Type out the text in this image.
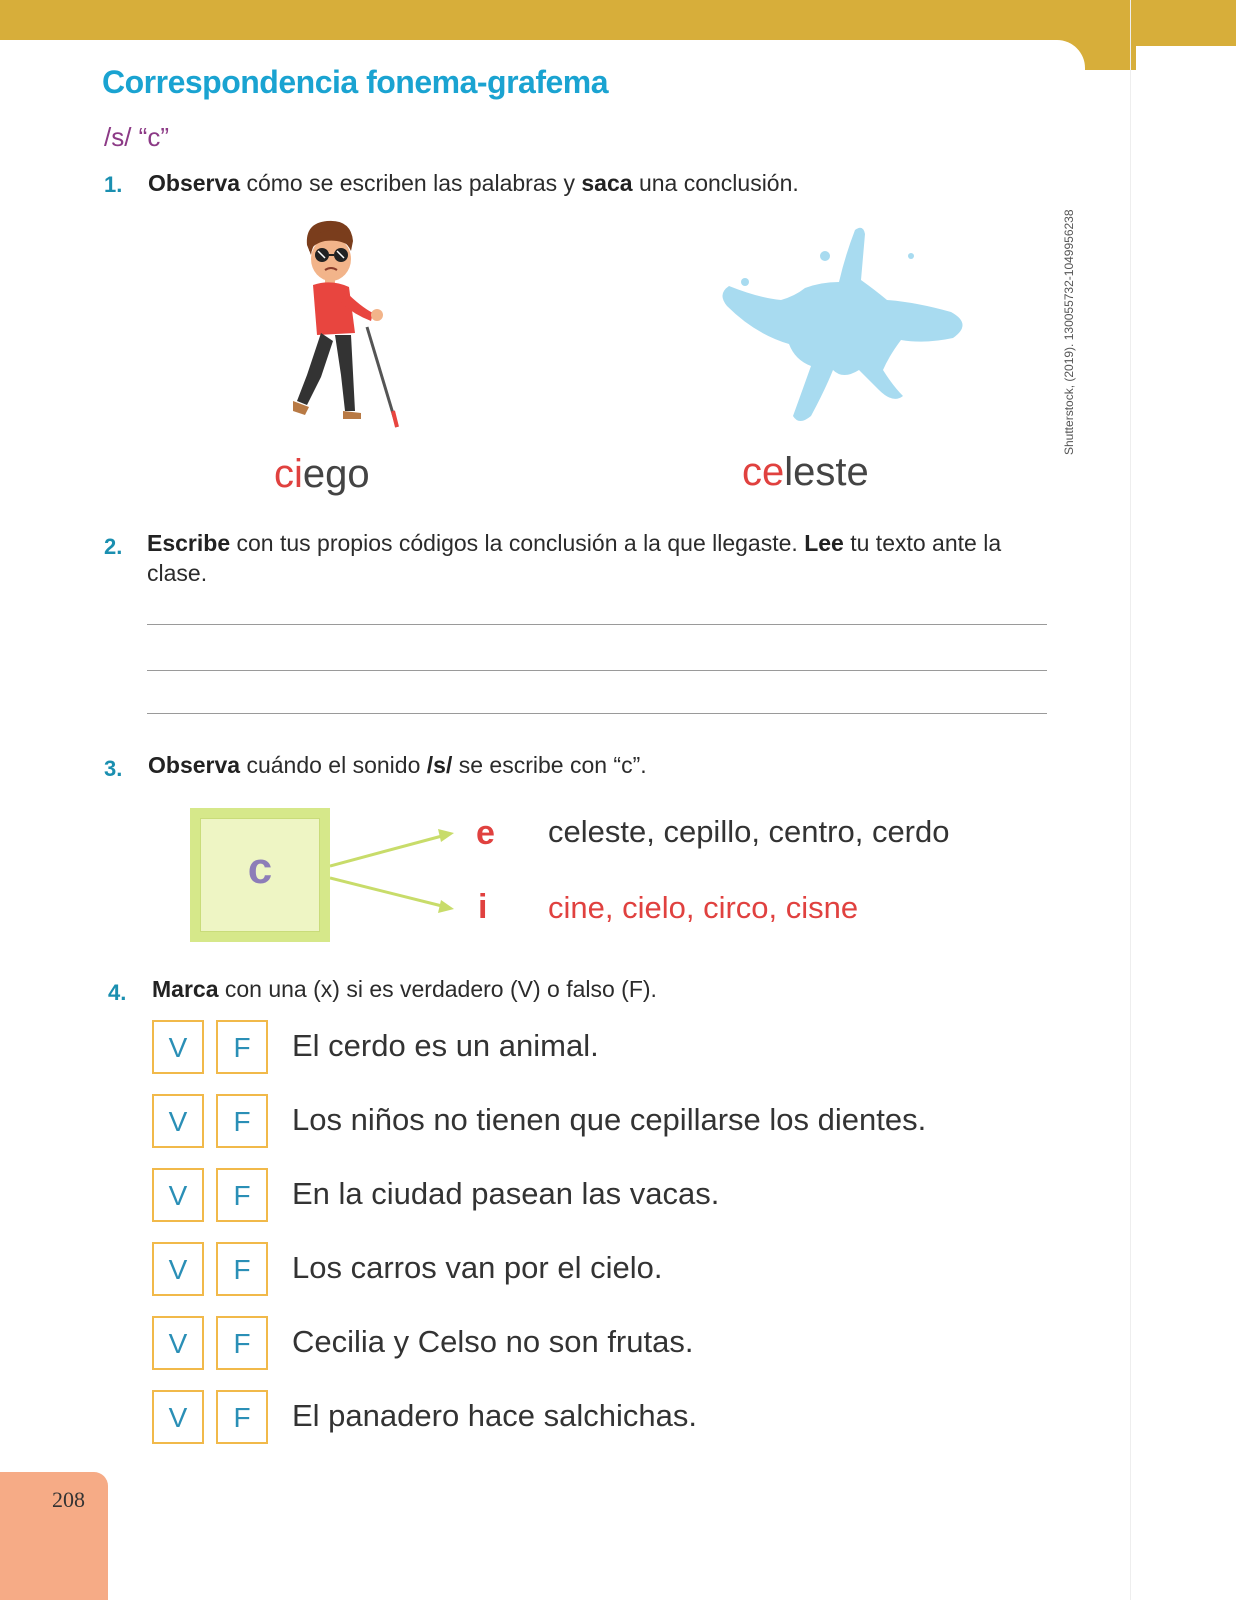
Correspondencia fonema-grafema
/s/ “c”
1. Observa cómo se escriben las palabras y saca una conclusión.
ciego	celeste
Shutterstock, (2019). 130055732-1049956238
2. Escribe con tus propios códigos la conclusión a la que llegaste. Lee tu texto ante la clase.
3. Observa cuándo el sonido /s/ se escribe con “c”.
c
e celeste, cepillo, centro, cerdo
i cine, cielo, circo, cisne
4. Marca con una (x) si es verdadero (V) o falso (F).
V	F	El cerdo es un animal.
V	F	Los niños no tienen que cepillarse los dientes.
V	F	En la ciudad pasean las vacas.
V	F	Los carros van por el cielo.
V	F	Cecilia y Celso no son frutas.
V	F	El panadero hace salchichas.
208
